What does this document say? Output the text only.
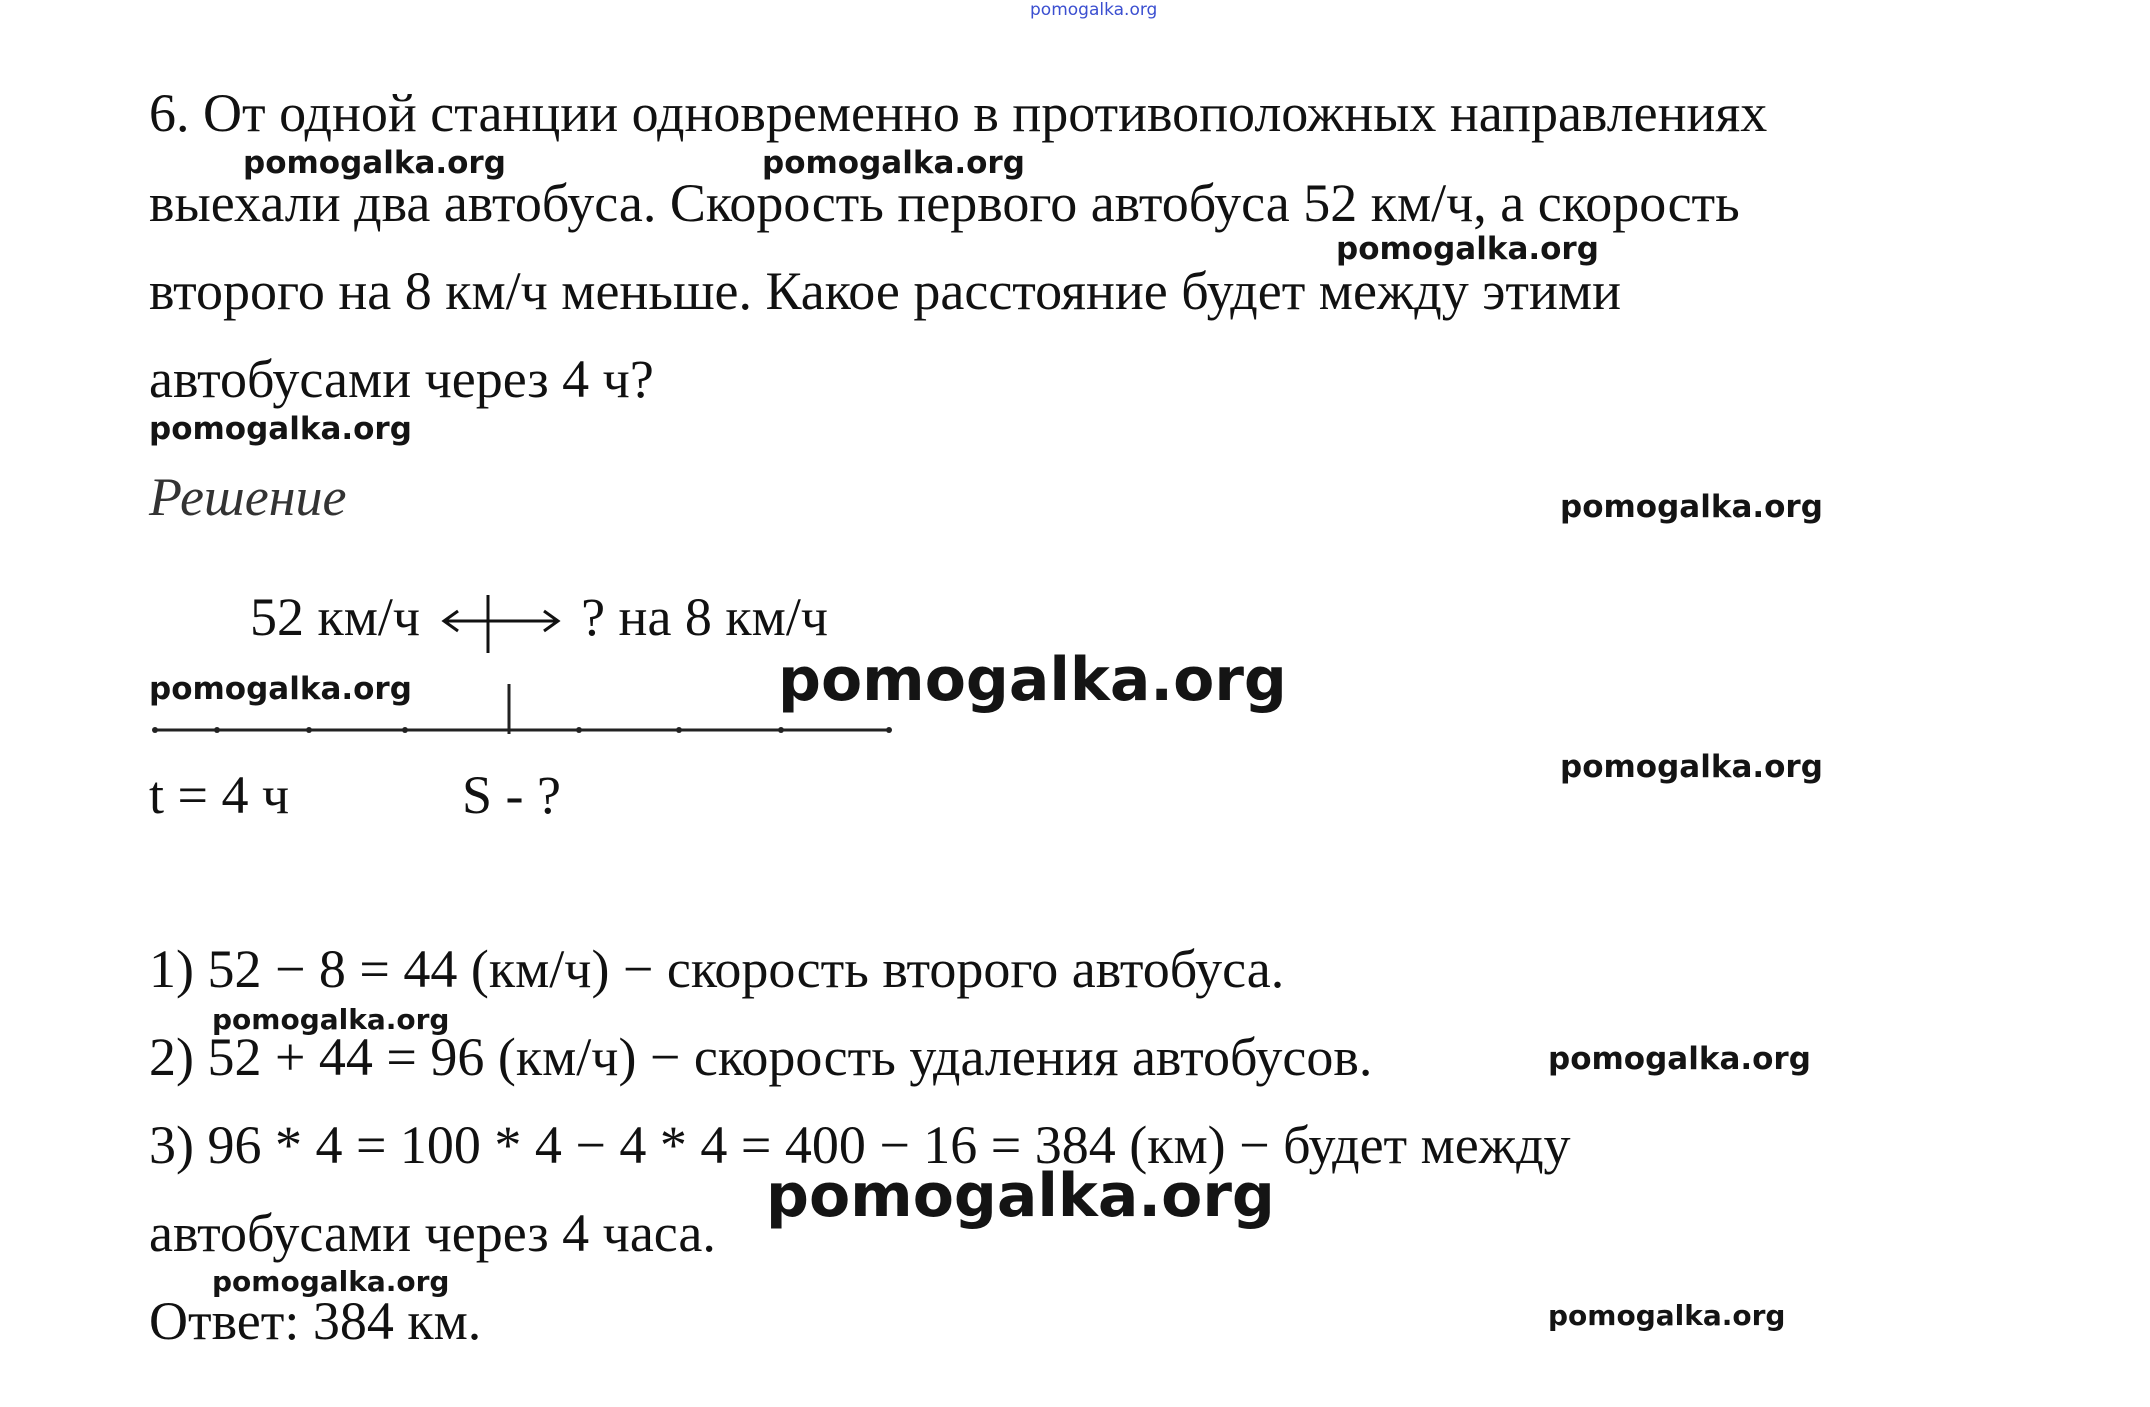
pomogalka.org
6. От одной станции одновременно в противоположных направлениях
выехали два автобуса. Скорость первого автобуса 52 км/ч, а скорость
второго на 8 км/ч меньше. Какое расстояние будет между этими
автобусами через 4 ч?
Решение
52 км/ч	? на 8 км/ч
t = 4 ч	S - ?
1) 52 − 8 = 44 (км/ч) − скорость второго автобуса.
2) 52 + 44 = 96 (км/ч) − скорость удаления автобусов.
3) 96 * 4 = 100 * 4 − 4 * 4 = 400 − 16 = 384 (км) − будет между
автобусами через 4 часа.
Ответ: 384 км.
pomogalka.org	pomogalka.org
pomogalka.org
pomogalka.org
pomogalka.org
pomogalka.org	pomogalka.org
pomogalka.org
pomogalka.org
pomogalka.org
pomogalka.org
pomogalka.org
pomogalka.org
